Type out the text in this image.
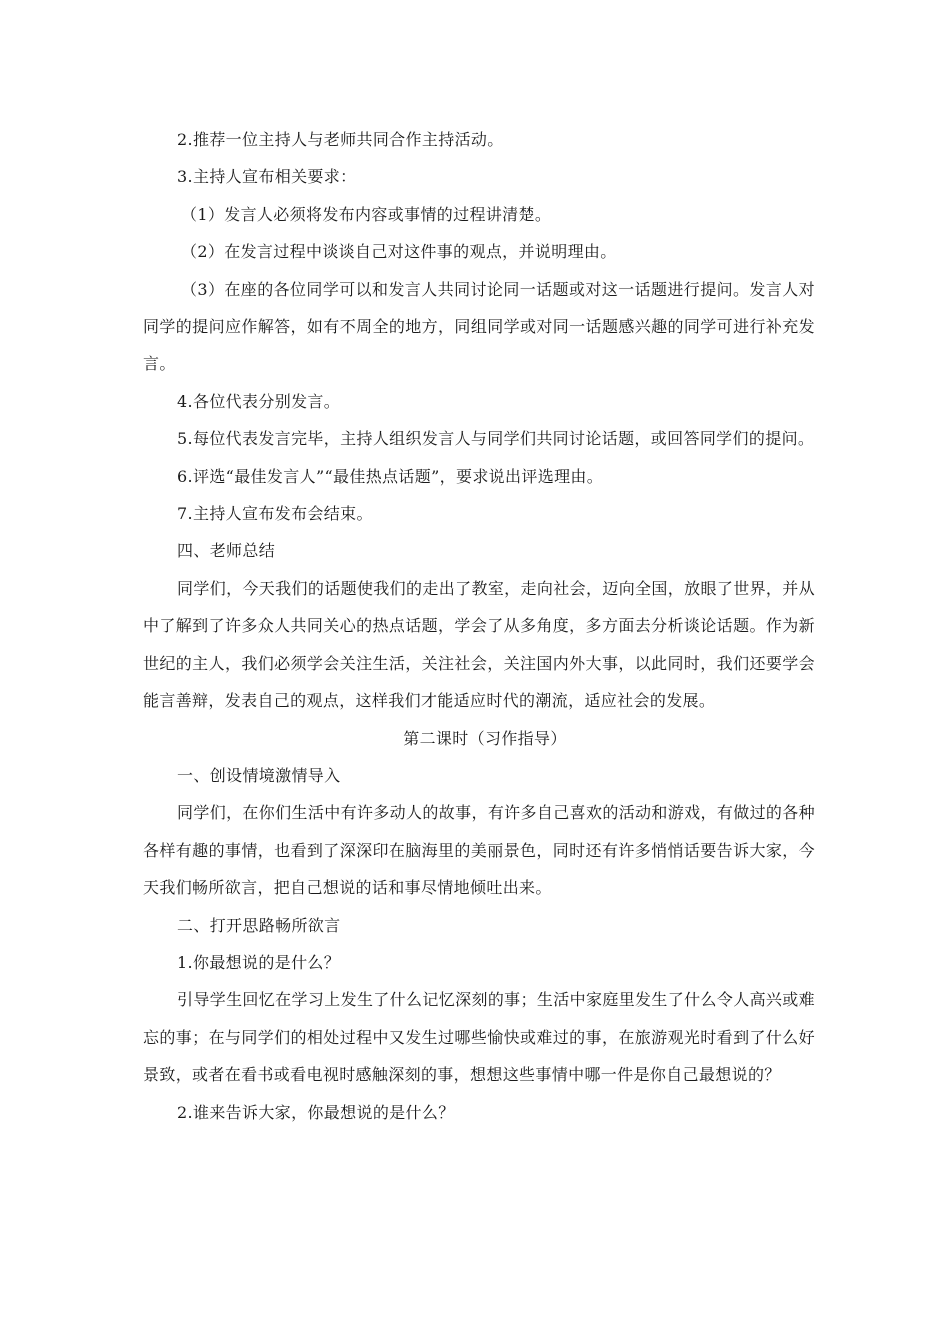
2.推荐一位主持人与老师共同合作主持活动。

3.主持人宣布相关要求：

（1）发言人必须将发布内容或事情的过程讲清楚。

（2）在发言过程中谈谈自己对这件事的观点，并说明理由。

（3）在座的各位同学可以和发言人共同讨论同一话题或对这一话题进行提问。发言人对同学的提问应作解答，如有不周全的地方，同组同学或对同一话题感兴趣的同学可进行补充发言。

4.各位代表分别发言。

5.每位代表发言完毕，主持人组织发言人与同学们共同讨论话题，或回答同学们的提问。

6.评选“最佳发言人”“最佳热点话题”，要求说出评选理由。

7.主持人宣布发布会结束。

四、老师总结

同学们，今天我们的话题使我们的走出了教室，走向社会，迈向全国，放眼了世界，并从中了解到了许多众人共同关心的热点话题，学会了从多角度，多方面去分析谈论话题。作为新世纪的主人，我们必须学会关注生活，关注社会，关注国内外大事，以此同时，我们还要学会能言善辩，发表自己的观点，这样我们才能适应时代的潮流，适应社会的发展。

第二课时（习作指导）

一、创设情境激情导入

同学们，在你们生活中有许多动人的故事，有许多自己喜欢的活动和游戏，有做过的各种各样有趣的事情，也看到了深深印在脑海里的美丽景色，同时还有许多悄悄话要告诉大家，今天我们畅所欲言，把自己想说的话和事尽情地倾吐出来。

二、打开思路畅所欲言

1.你最想说的是什么？

引导学生回忆在学习上发生了什么记忆深刻的事；生活中家庭里发生了什么令人高兴或难忘的事；在与同学们的相处过程中又发生过哪些愉快或难过的事，在旅游观光时看到了什么好景致，或者在看书或看电视时感触深刻的事，想想这些事情中哪一件是你自己最想说的？

2.谁来告诉大家，你最想说的是什么？
